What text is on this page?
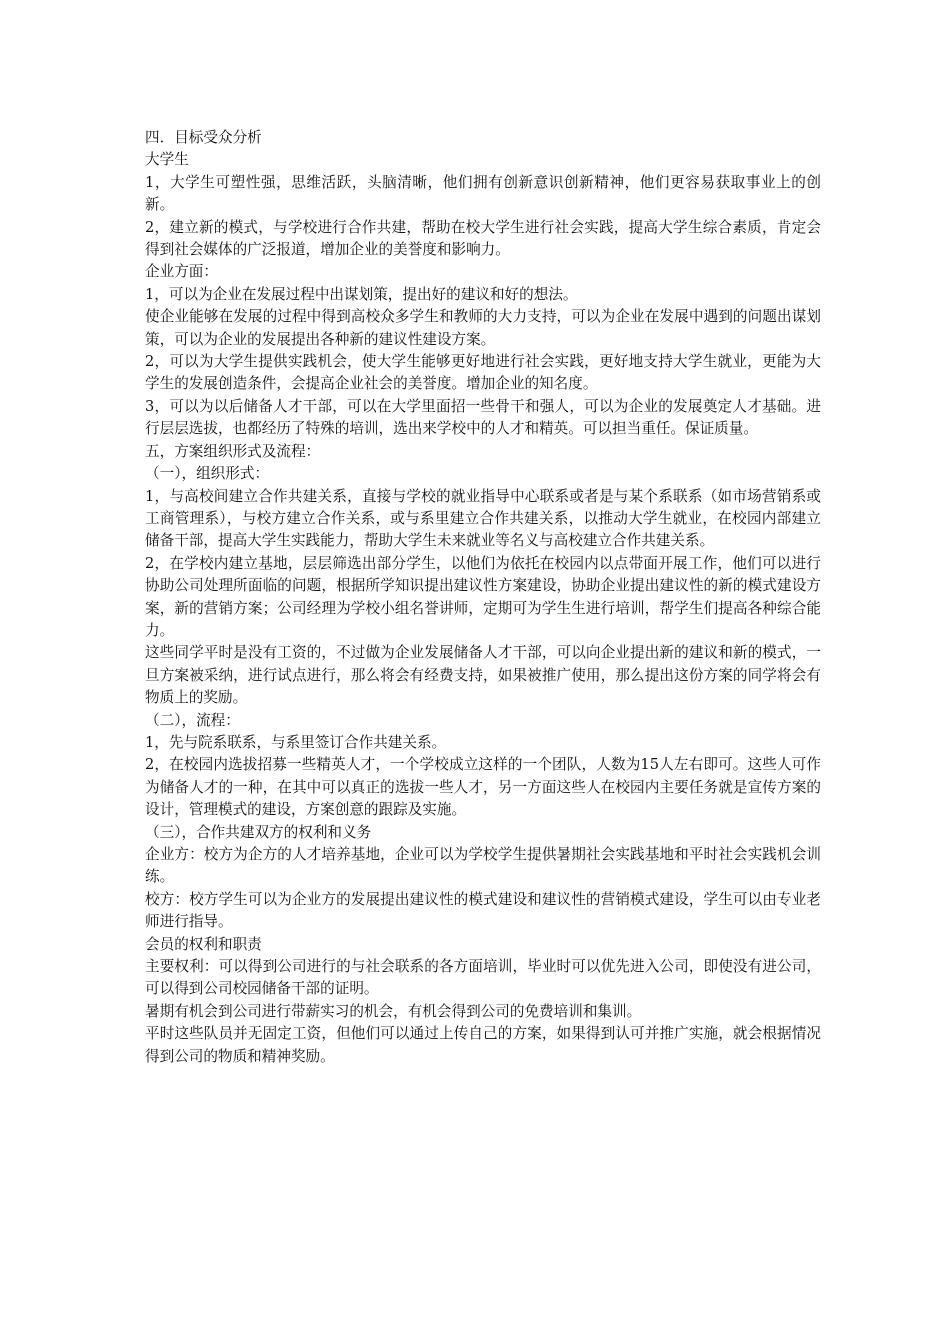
四．目标受众分析

大学生

1，大学生可塑性强，思维活跃，头脑清晰，他们拥有创新意识创新精神，他们更容易获取事业上的创新。

2，建立新的模式，与学校进行合作共建，帮助在校大学生进行社会实践，提高大学生综合素质，肯定会得到社会媒体的广泛报道，增加企业的美誉度和影响力。

企业方面：

1，可以为企业在发展过程中出谋划策，提出好的建议和好的想法。

使企业能够在发展的过程中得到高校众多学生和教师的大力支持，可以为企业在发展中遇到的问题出谋划策，可以为企业的发展提出各种新的建议性建设方案。

2，可以为大学生提供实践机会，使大学生能够更好地进行社会实践，更好地支持大学生就业，更能为大学生的发展创造条件，会提高企业社会的美誉度。增加企业的知名度。

3，可以为以后储备人才干部，可以在大学里面招一些骨干和强人，可以为企业的发展奠定人才基础。进行层层选拔，也都经历了特殊的培训，选出来学校中的人才和精英。可以担当重任。保证质量。

五，方案组织形式及流程：

（一），组织形式：

1，与高校间建立合作共建关系，直接与学校的就业指导中心联系或者是与某个系联系（如市场营销系或工商管理系），与校方建立合作关系，或与系里建立合作共建关系，以推动大学生就业，在校园内部建立储备干部，提高大学生实践能力，帮助大学生未来就业等名义与高校建立合作共建关系。

2，在学校内建立基地，层层筛选出部分学生，以他们为依托在校园内以点带面开展工作，他们可以进行协助公司处理所面临的问题，根据所学知识提出建议性方案建设，协助企业提出建议性的新的模式建设方案，新的营销方案；公司经理为学校小组名誉讲师，定期可为学生生进行培训，帮学生们提高各种综合能力。

这些同学平时是没有工资的，不过做为企业发展储备人才干部，可以向企业提出新的建议和新的模式，一旦方案被采纳，进行试点进行，那么将会有经费支持，如果被推广使用，那么提出这份方案的同学将会有物质上的奖励。

（二），流程：

1，先与院系联系，与系里签订合作共建关系。

2，在校园内选拔招募一些精英人才，一个学校成立这样的一个团队，人数为15人左右即可。这些人可作为储备人才的一种，在其中可以真正的选拔一些人才，另一方面这些人在校园内主要任务就是宣传方案的设计，管理模式的建设，方案创意的跟踪及实施。

（三），合作共建双方的权利和义务

企业方：校方为企方的人才培养基地，企业可以为学校学生提供暑期社会实践基地和平时社会实践机会训练。

校方：校方学生可以为企业方的发展提出建议性的模式建设和建议性的营销模式建设，学生可以由专业老师进行指导。

会员的权利和职责

主要权利：可以得到公司进行的与社会联系的各方面培训，毕业时可以优先进入公司，即使没有进公司，可以得到公司校园储备干部的证明。

暑期有机会到公司进行带薪实习的机会，有机会得到公司的免费培训和集训。

平时这些队员并无固定工资，但他们可以通过上传自己的方案，如果得到认可并推广实施，就会根据情况得到公司的物质和精神奖励。
